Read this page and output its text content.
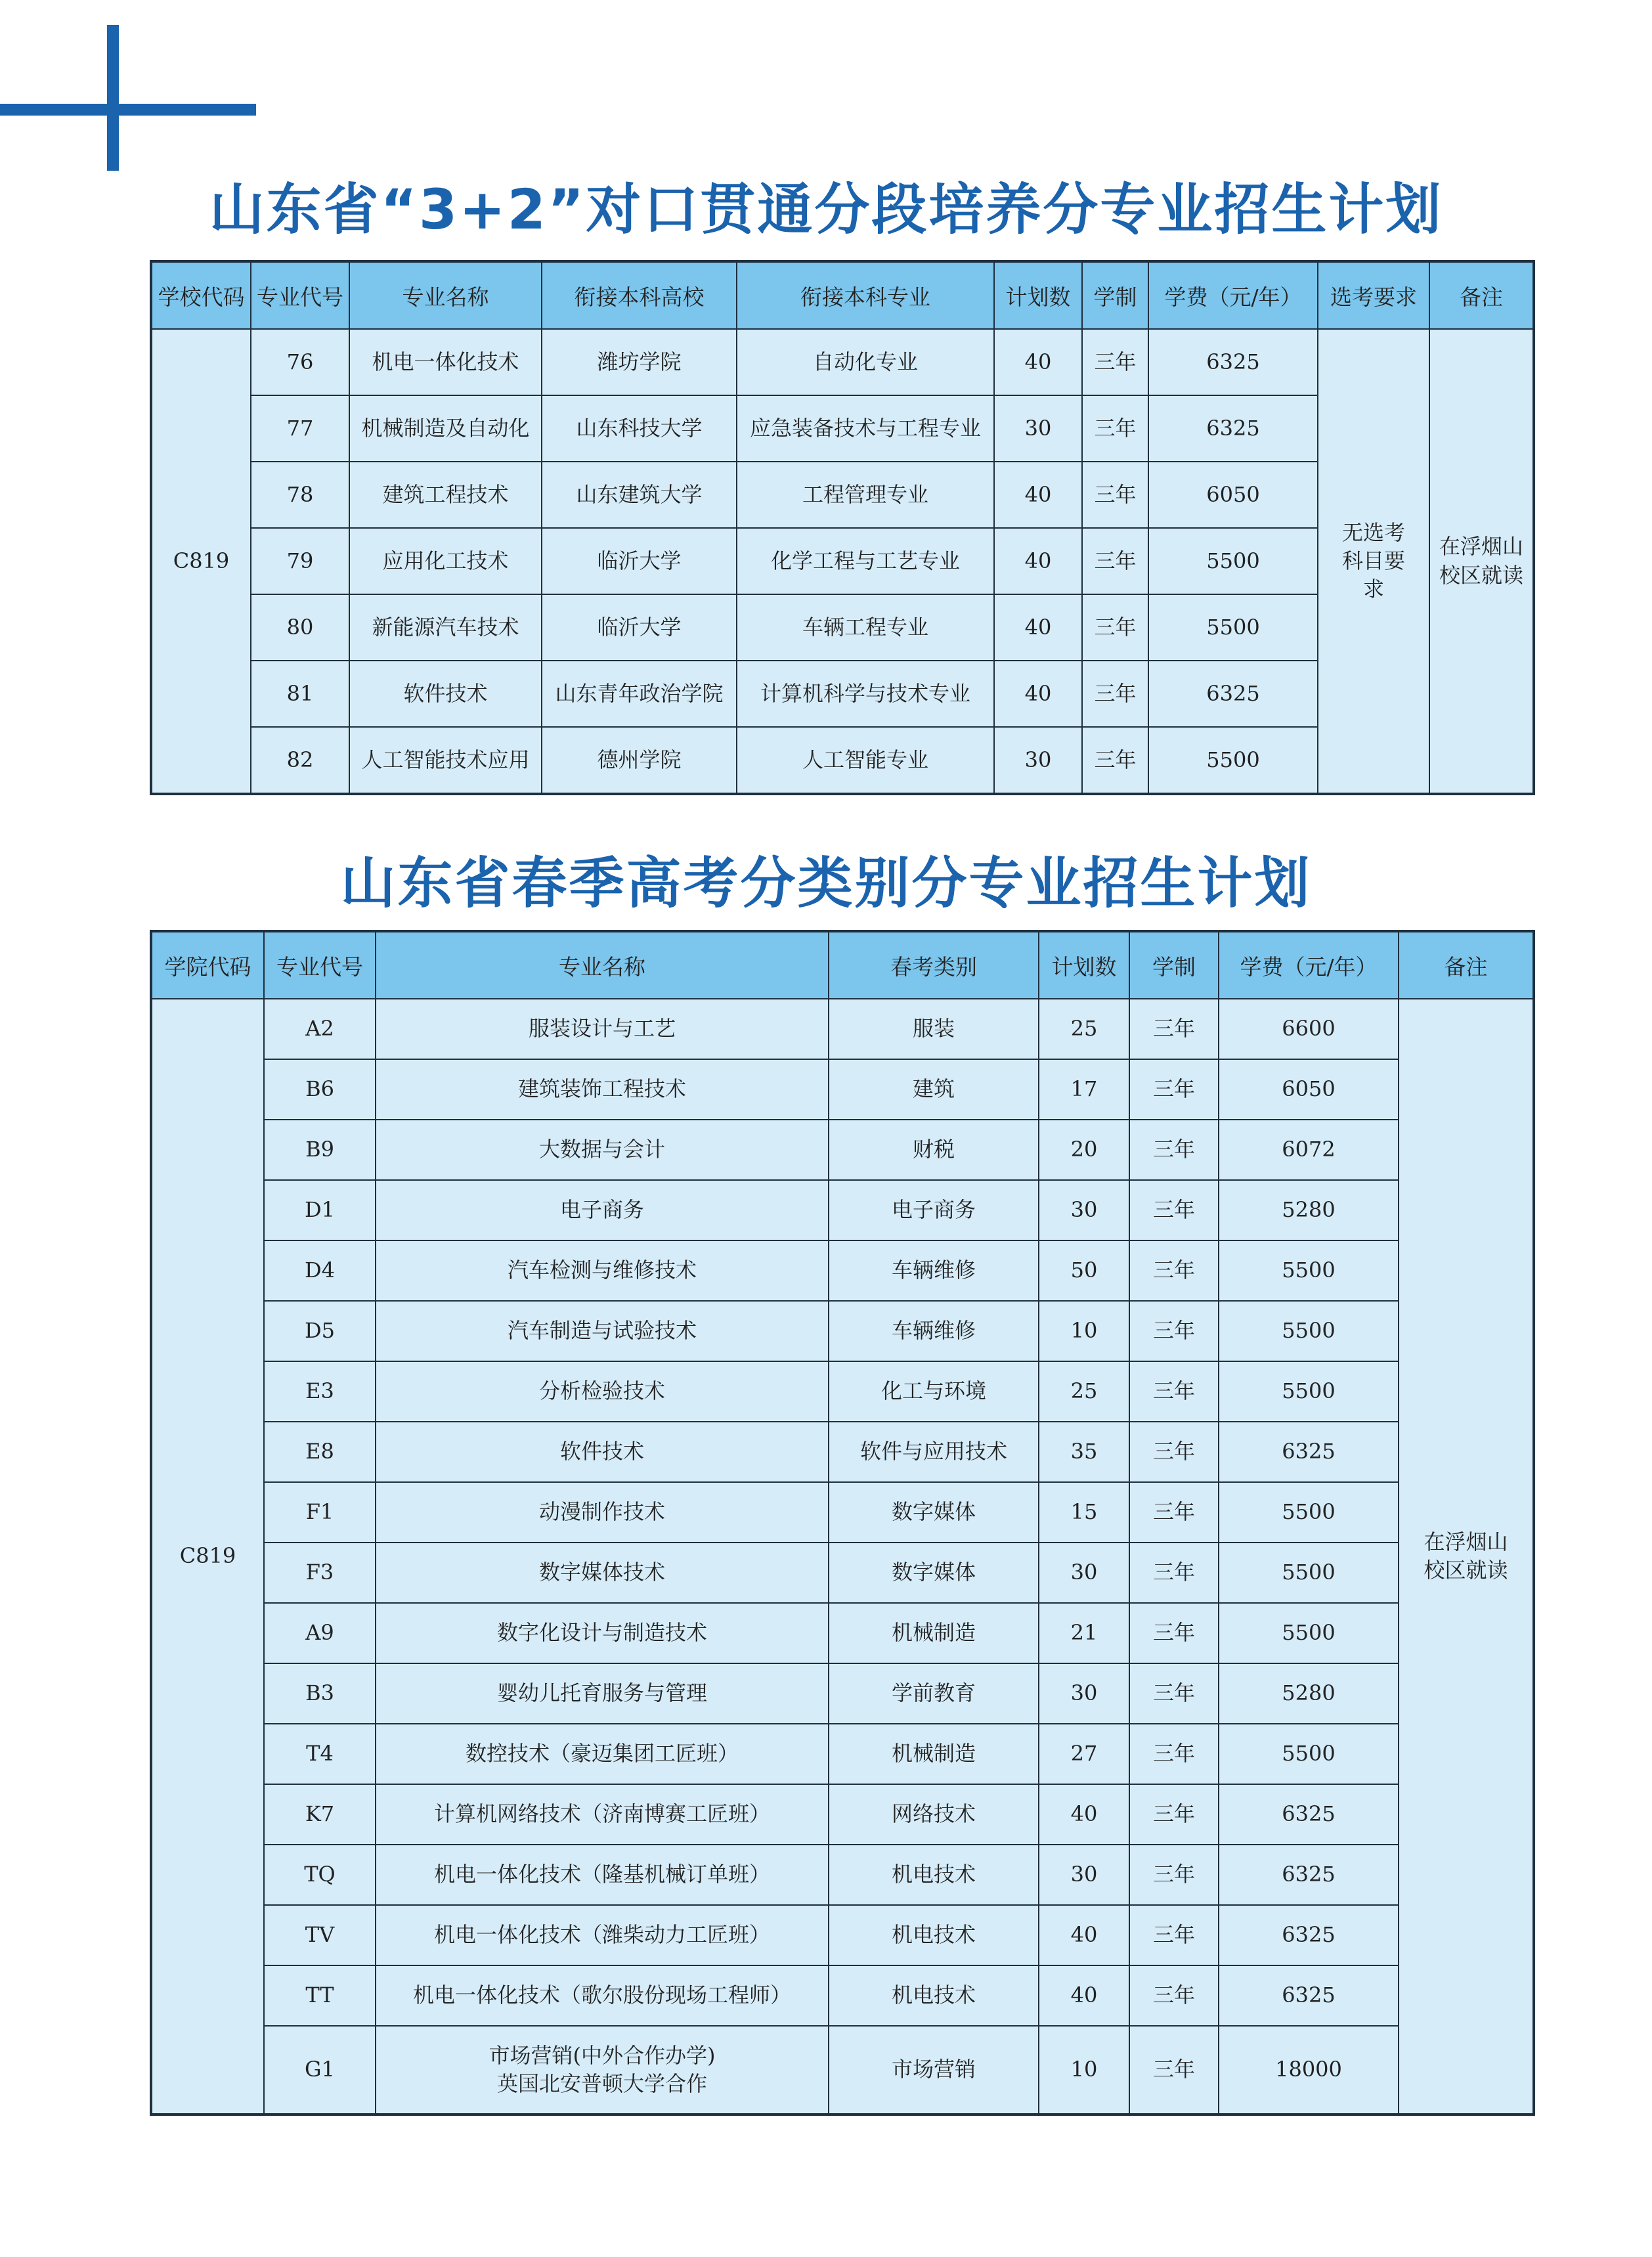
山东省“3+2”对口贯通分段培养分专业招生计划
学校代码	专业代号	专业名称	衔接本科高校	衔接本科专业	计划数	学制	学费（元/年）	选考要求	备注
C819	76	机电一体化技术	潍坊学院	自动化专业	40	三年	6325	无选考科目要求	在浮烟山校区就读
	77	机械制造及自动化	山东科技大学	应急装备技术与工程专业	30	三年	6325		
	78	建筑工程技术	山东建筑大学	工程管理专业	40	三年	6050		
	79	应用化工技术	临沂大学	化学工程与工艺专业	40	三年	5500		
	80	新能源汽车技术	临沂大学	车辆工程专业	40	三年	5500		
	81	软件技术	山东青年政治学院	计算机科学与技术专业	40	三年	6325		
	82	人工智能技术应用	德州学院	人工智能专业	30	三年	5500		
山东省春季高考分类别分专业招生计划
学院代码	专业代号	专业名称	春考类别	计划数	学制	学费（元/年）	备注
C819	A2	服装设计与工艺	服装	25	三年	6600	在浮烟山校区就读
	B6	建筑装饰工程技术	建筑	17	三年	6050	
	B9	大数据与会计	财税	20	三年	6072	
	D1	电子商务	电子商务	30	三年	5280	
	D4	汽车检测与维修技术	车辆维修	50	三年	5500	
	D5	汽车制造与试验技术	车辆维修	10	三年	5500	
	E3	分析检验技术	化工与环境	25	三年	5500	
	E8	软件技术	软件与应用技术	35	三年	6325	
	F1	动漫制作技术	数字媒体	15	三年	5500	
	F3	数字媒体技术	数字媒体	30	三年	5500	
	A9	数字化设计与制造技术	机械制造	21	三年	5500	
	B3	婴幼儿托育服务与管理	学前教育	30	三年	5280	
	T4	数控技术（豪迈集团工匠班）	机械制造	27	三年	5500	
	K7	计算机网络技术（济南博赛工匠班）	网络技术	40	三年	6325	
	TQ	机电一体化技术（隆基机械订单班）	机电技术	30	三年	6325	
	TV	机电一体化技术（潍柴动力工匠班）	机电技术	40	三年	6325	
	TT	机电一体化技术（歌尔股份现场工程师）	机电技术	40	三年	6325	
	G1	市场营销(中外合作办学)
英国北安普顿大学合作	市场营销	10	三年	18000	
